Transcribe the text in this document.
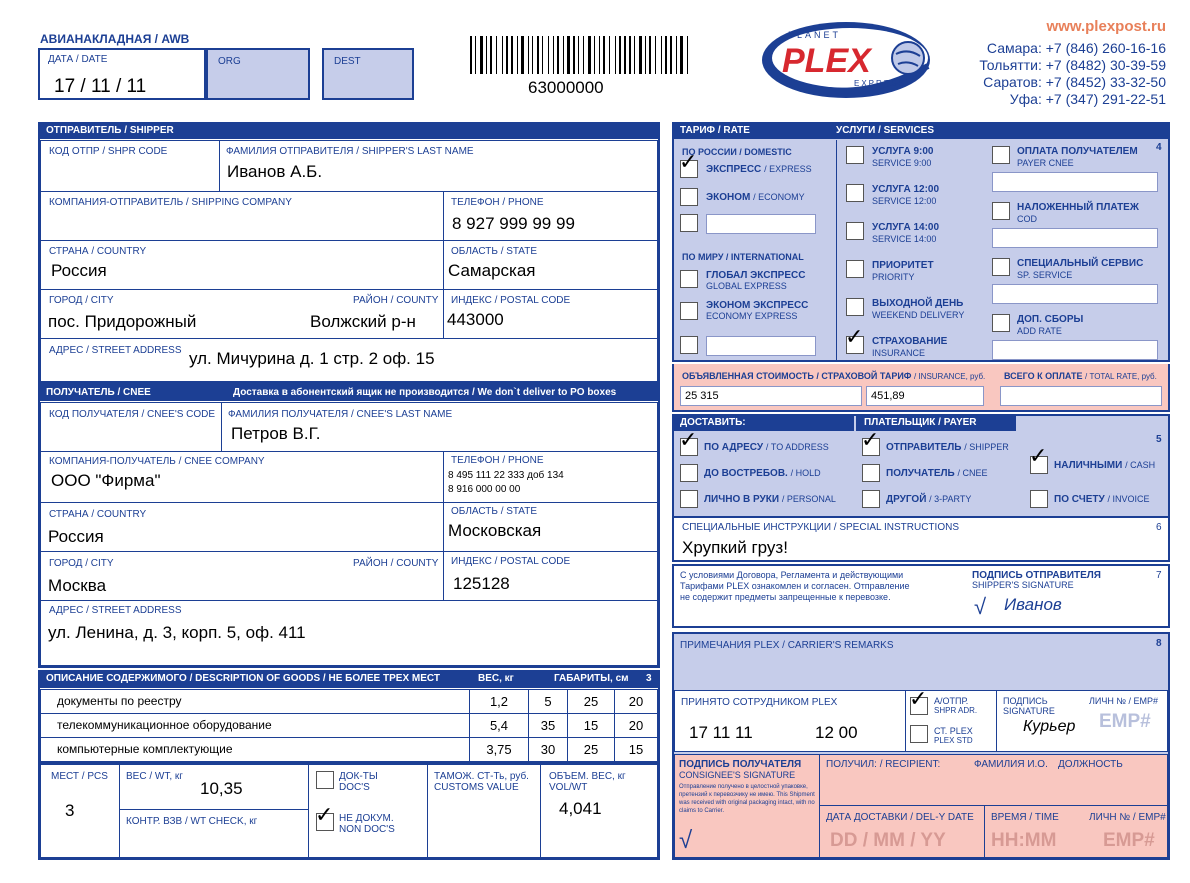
АВИАНАКЛАДНАЯ / AWB
ДАТА / DATE
17 / 11 / 11
ORG	DEST
63000000
PLANET
PLEX
EXPRESS
www.plexpost.ru
Самара: +7 (846) 260-16-16
Тольятти: +7 (8482) 30-39-59
Саратов: +7 (8452) 33-32-50
Уфа: +7 (347) 291-22-51
ОТПРАВИТЕЛЬ / SHIPPER
КОД ОТПР / SHPR CODE	ФАМИЛИЯ ОТПРАВИТЕЛЯ / SHIPPER'S LAST NAME
Иванов А.Б.
КОМПАНИЯ-ОТПРАВИТЕЛЬ / SHIPPING COMPANY	ТЕЛЕФОН / PHONE
8 927 999 99 99
СТРАНА / COUNTRY
Россия
ОБЛАСТЬ / STATE
Самарская
ГОРОД / CITY	РАЙОН / COUNTY
пос. Придорожный	Волжский р-н
ИНДЕКС / POSTAL CODE
443000
АДРЕС / STREET ADDRESS ул. Мичурина д. 1 стр. 2 оф. 15
ПОЛУЧАТЕЛЬ / CNEE	Доставка в абонентский ящик не производится / We don`t deliver to PO boxes
КОД ПОЛУЧАТЕЛЯ / CNEE'S CODE ФАМИЛИЯ ПОЛУЧАТЕЛЯ / CNEE'S LAST NAME
Петров В.Г.
КОМПАНИЯ-ПОЛУЧАТЕЛЬ / CNEE COMPANY
ООО "Фирма"
ТЕЛЕФОН / PHONE
8 495 111 22 333 доб 134
8 916 000 00 00
СТРАНА / COUNTRY
Россия
ОБЛАСТЬ / STATE
Московская
ГОРОД / CITY	РАЙОН / COUNTY
Москва
ИНДЕКС / POSTAL CODE
125128
АДРЕС / STREET ADDRESS
ул. Ленина, д. 3, корп. 5, оф. 411
ОПИСАНИЕ СОДЕРЖИМОГО / DESCRIPTION OF GOODS / НЕ БОЛЕЕ ТРЕХ МЕСТ	ВЕС, кг	ГАБАРИТЫ, см 3
документы по реестру	1,2	5	25	20
телекоммуникационное оборудование	5,4	35	15	20
компьютерные комплектующие	3,75	30	25	15
МЕСТ / PCS
3
ВЕС / WT, кг
10,35
КОНТР. ВЗВ / WT CHECK, кг
ДОК-ТЫ
DOC'S
✓ НЕ ДОКУМ.
NON DOC'S
ТАМОЖ. СТ-Ть, руб.
CUSTOMS VALUE
ОБЪЕМ. ВЕС, кг
VOL/WT
4,041
ТАРИФ / RATE	УСЛУГИ / SERVICES
4
ПО РОССИИ / DOMESTIC
✓ ЭКСПРЕСС / EXPRESS
ЭКОНОМ / ECONOMY
ПО МИРУ / INTERNATIONAL
ГЛОБАЛ ЭКСПРЕСС
GLOBAL EXPRESS
ЭКОНОМ ЭКСПРЕСС
ECONOMY EXPRESS
УСЛУГА 9:00
SERVICE 9:00
УСЛУГА 12:00
SERVICE 12:00
УСЛУГА 14:00
SERVICE 14:00
ПРИОРИТЕТ
PRIORITY
ВЫХОДНОЙ ДЕНЬ
WEEKEND DELIVERY
СТРАХОВАНИЕ
INSURANCE
✓
ОПЛАТА ПОЛУЧАТЕЛЕМ
PAYER CNEE
НАЛОЖЕННЫЙ ПЛАТЕЖ
COD
СПЕЦИАЛЬНЫЙ СЕРВИС
SP. SERVICE
ДОП. СБОРЫ
ADD RATE
ОБЪЯВЛЕННАЯ СТОИМОСТЬ / СТРАХОВОЙ ТАРИФ / INSURANCE, руб. ВСЕГО К ОПЛАТЕ / TOTAL RATE, руб.
25 315	451,89
ДОСТАВИТЬ:	ПЛАТЕЛЬЩИК / PAYER
5
✓ ПО АДРЕСУ / TO ADDRESS
ДО ВОСТРЕБОВ. / HOLD
ЛИЧНО В РУКИ / PERSONAL
✓ ОТПРАВИТЕЛЬ / SHIPPER
ПОЛУЧАТЕЛЬ / CNEE
ДРУГОЙ / 3-PARTY
✓ НАЛИЧНЫМИ / CASH
ПО СЧЕТУ / INVOICE
СПЕЦИАЛЬНЫЕ ИНСТРУКЦИИ / SPECIAL INSTRUCTIONS
Хрупкий груз!
6
С условиями Договора, Регламента и действующими Тарифами PLEX ознакомлен и согласен. Отправление не содержит предметы запрещенные к перевозке.
ПОДПИСЬ ОТПРАВИТЕЛЯ
SHIPPER'S SIGNATURE
√ Иванов
7
ПРИМЕЧАНИЯ PLEX / CARRIER'S REMARKS	8
ПРИНЯТО СОТРУДНИКОМ PLEX
17 11 11	12 00
✓ А/ОТПР.
SHPR ADR.
СТ. PLEX
PLEX STD
ПОДПИСЬ
SIGNATURE
ЛИЧН № / EMP#
Курьер EMP#
ПОДПИСЬ ПОЛУЧАТЕЛЯ
CONSIGNEE'S SIGNATURE
Отправление получено в целостной упаковке, претензий к перевозчику не имею. This Shipment was received with original packaging intact, with no claims to Carrier.
√
ПОЛУЧИЛ: / RECIPIENT:	ФАМИЛИЯ И.О. ДОЛЖНОСТЬ
ДАТА ДОСТАВКИ / DEL-Y DATE
DD / MM / YY
ВРЕМЯ / TIME	ЛИЧН № / EMP#
HH:MM EMP#
